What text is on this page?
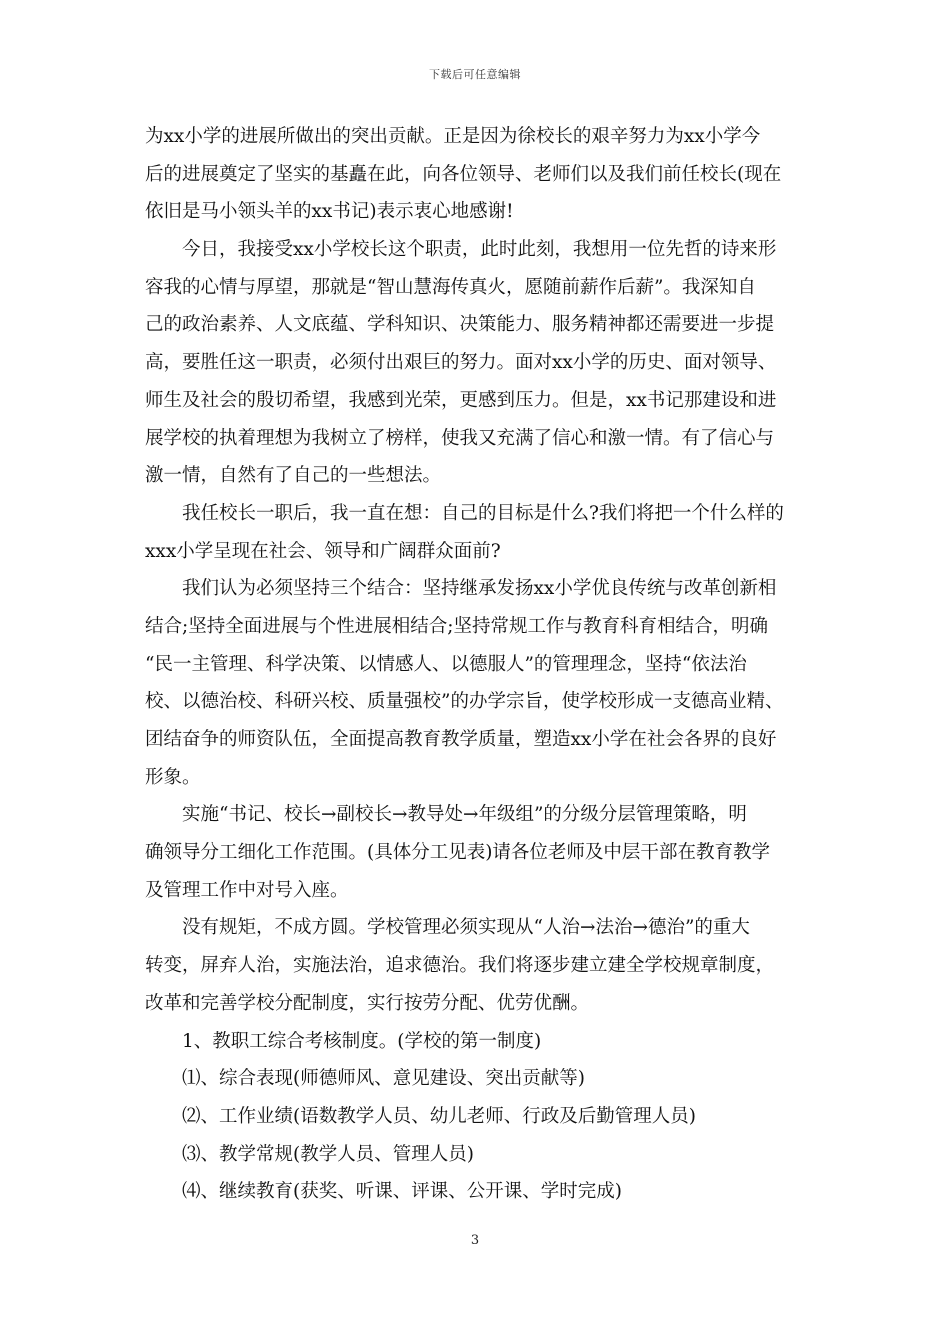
下载后可任意编辑
为xx小学的进展所做出的突出贡献。正是因为徐校长的艰辛努力为xx小学今
后的进展奠定了坚实的基矗在此，向各位领导、老师们以及我们前任校长(现在
依旧是马小领头羊的xx书记)表示衷心地感谢!
今日，我接受xx小学校长这个职责，此时此刻，我想用一位先哲的诗来形
容我的心情与厚望，那就是“智山慧海传真火，愿随前薪作后薪”。我深知自
己的政治素养、人文底蕴、学科知识、决策能力、服务精神都还需要进一步提
高，要胜任这一职责，必须付出艰巨的努力。面对xx小学的历史、面对领导、
师生及社会的殷切希望，我感到光荣，更感到压力。但是，xx书记那建设和进
展学校的执着理想为我树立了榜样，使我又充满了信心和激一情。有了信心与
激一情，自然有了自己的一些想法。
我任校长一职后，我一直在想：自己的目标是什么?我们将把一个什么样的
xxx小学呈现在社会、领导和广阔群众面前?
我们认为必须坚持三个结合：坚持继承发扬xx小学优良传统与改革创新相
结合;坚持全面进展与个性进展相结合;坚持常规工作与教育科育相结合，明确
“民一主管理、科学决策、以情感人、以德服人”的管理理念，坚持“依法治
校、以德治校、科研兴校、质量强校”的办学宗旨，使学校形成一支德高业精、
团结奋争的师资队伍，全面提高教育教学质量，塑造xx小学在社会各界的良好
形象。
实施“书记、校长→副校长→教导处→年级组”的分级分层管理策略，明
确领导分工细化工作范围。(具体分工见表)请各位老师及中层干部在教育教学
及管理工作中对号入座。
没有规矩，不成方圆。学校管理必须实现从“人治→法治→德治”的重大
转变，屏弃人治，实施法治，追求德治。我们将逐步建立建全学校规章制度，
改革和完善学校分配制度，实行按劳分配、优劳优酬。
1、教职工综合考核制度。(学校的第一制度)
⑴、综合表现(师德师风、意见建设、突出贡献等)
⑵、工作业绩(语数教学人员、幼儿老师、行政及后勤管理人员)
⑶、教学常规(教学人员、管理人员)
⑷、继续教育(获奖、听课、评课、公开课、学时完成)
3
